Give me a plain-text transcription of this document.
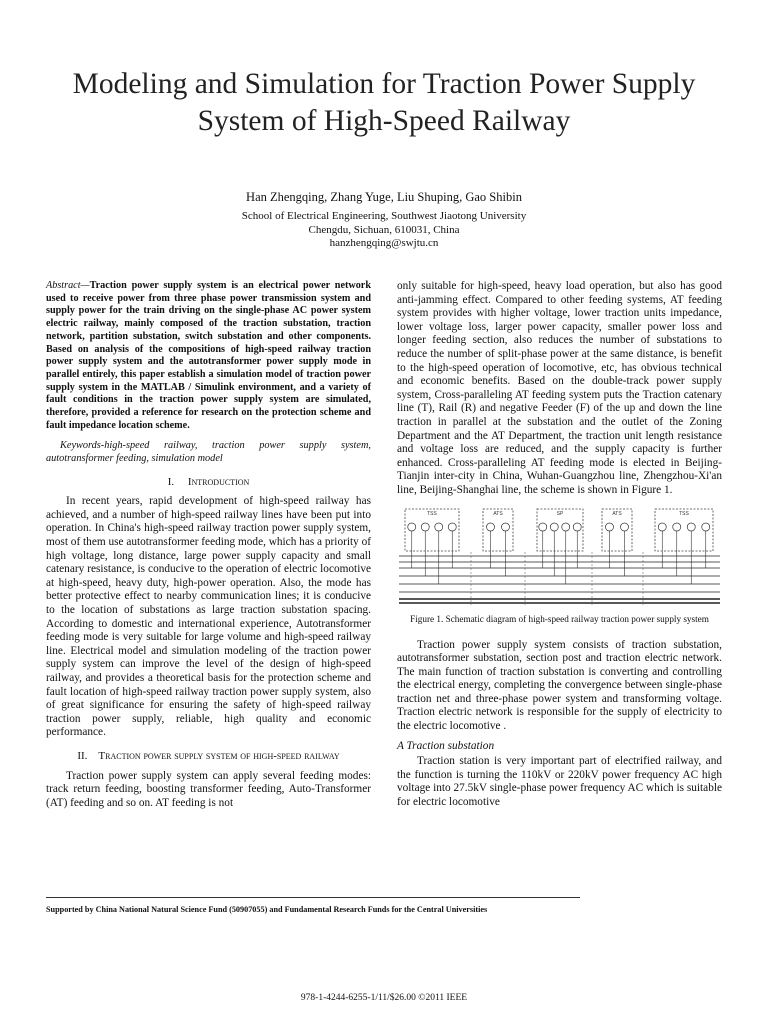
Modeling and Simulation for Traction Power Supply System of High-Speed Railway
Han Zhengqing, Zhang Yuge, Liu Shuping, Gao Shibin
School of Electrical Engineering, Southwest Jiaotong University
Chengdu, Sichuan, 610031, China
hanzhengqing@swjtu.cn

Abstract—Traction power supply system is an electrical power network used to receive power from three phase power transmission system and supply power for the train driving on the single-phase AC power system electric railway, mainly composed of the traction substation, traction network, partition substation, switch substation and other components. Based on analysis of the compositions of high-speed railway traction power supply system and the autotransformer power supply mode in parallel entirely, this paper establish a simulation model of traction power supply system in the MATLAB / Simulink environment, and a variety of fault conditions in the traction power supply system are simulated, therefore, provided a reference for research on the protection scheme and fault impedance location scheme.

Keywords-high-speed railway, traction power supply system, autotransformer feeding, simulation model

I. Introduction

In recent years, rapid development of high-speed railway has achieved, and a number of high-speed railway lines have been put into operation. In China's high-speed railway traction power supply system, most of them use autotransformer feeding mode, which has a priority of high voltage, long distance, large power supply capacity and small catenary resistance, is conducive to the operation of electric locomotive at high-speed, heavy duty, high-power operation. Also, the mode has better protective effect to nearby communication lines; it is conducive to the location of substations as large traction substation spacing. According to domestic and international experience, Autotransformer feeding mode is very suitable for large volume and high-speed railway line. Electrical model and simulation modeling of the traction power supply system can improve the level of the design of high-speed railway, and provides a theoretical basis for the protection scheme and fault location of high-speed railway traction power supply system, also of great significance for ensuring the safety of high-speed railway traction power supply, reliable, high quality and economic performance.

II. Traction power supply system of high-speed railway

Traction power supply system can apply several feeding modes: track return feeding, boosting transformer feeding, Auto-Transformer (AT) feeding and so on. AT feeding is not

only suitable for high-speed, heavy load operation, but also has good anti-jamming effect. Compared to other feeding systems, AT feeding system provides with higher voltage, lower traction units impedance, lower voltage loss, larger power capacity, smaller power loss and longer feeding section, also reduces the number of substations to reduce the number of split-phase power at the same distance, is benefit to the high-speed operation of locomotive, etc, has obvious technical and economic benefits. Based on the double-track power supply system, Cross-paralleling AT feeding system puts the Traction catenary line (T), Rail (R) and negative Feeder (F) of the up and down the line traction in parallel at the substation and the outlet of the Zoning Department and the AT Department, the traction unit length resistance and voltage loss are reduced, and the supply capacity is further enhanced. Cross-paralleling AT feeding mode is elected in Beijing-Tianjin inter-city in China, Wuhan-Guangzhou line, Zhengzhou-Xi'an line, Beijing-Shanghai line, the scheme is shown in Figure 1.

TSS	ATS	SP	ATS	TSS

Figure 1. Schematic diagram of high-speed railway traction power supply system

Traction power supply system consists of traction substation, autotransformer substation, section post and traction electric network. The main function of traction substation is converting and controlling the electrical energy, completing the convergence between single-phase traction net and three-phase power system and transforming voltage. Traction electric network is responsible for the supply of electricity to the electric locomotive .

A Traction substation

Traction station is very important part of electrified railway, and the function is turning the 110kV or 220kV power frequency AC high voltage into 27.5kV single-phase power frequency AC which is suitable for electric locomotive

Supported by China National Natural Science Fund (50907055) and Fundamental Research Funds for the Central Universities
978-1-4244-6255-1/11/$26.00 ©2011 IEEE
